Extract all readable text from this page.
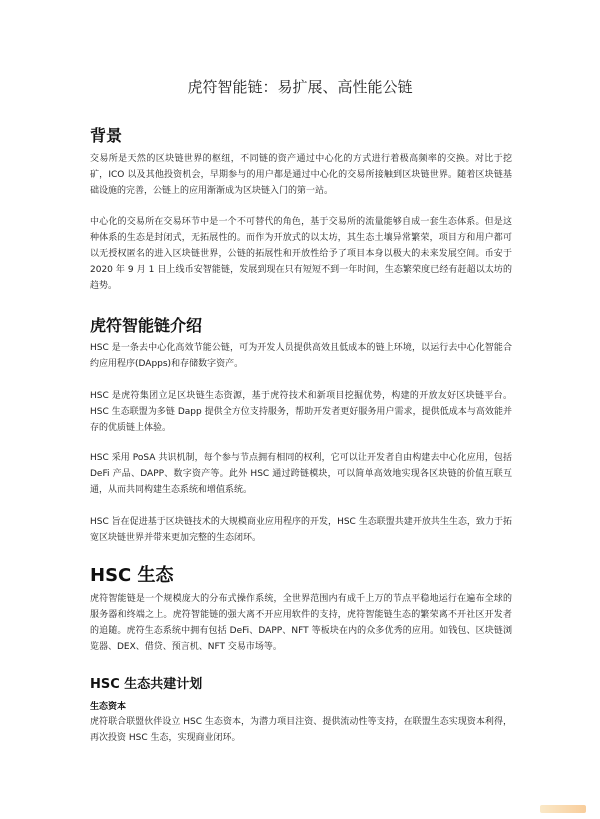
虎符智能链：易扩展、高性能公链
背景
交易所是天然的区块链世界的枢纽，不同链的资产通过中心化的方式进行着极高频率的交换。对比于挖矿，ICO 以及其他投资机会，早期参与的用户都是通过中心化的交易所接触到区块链世界。随着区块链基础设施的完善，公链上的应用渐渐成为区块链入门的第一站。
中心化的交易所在交易环节中是一个不可替代的角色，基于交易所的流量能够自成一套生态体系。但是这种体系的生态是封闭式，无拓展性的。而作为开放式的以太坊，其生态土壤异常繁荣，项目方和用户都可以无授权匿名的进入区块链世界，公链的拓展性和开放性给予了项目本身以极大的未来发展空间。币安于 2020 年 9 月 1 日上线币安智能链，发展到现在只有短短不到一年时间，生态繁荣度已经有赶超以太坊的趋势。
虎符智能链介绍
HSC 是一条去中心化高效节能公链，可为开发人员提供高效且低成本的链上环境，以运行去中心化智能合约应用程序(DApps)和存储数字资产。
HSC 是虎符集团立足区块链生态资源，基于虎符技术和新项目挖掘优势，构建的开放友好区块链平台。HSC 生态联盟为多链 Dapp 提供全方位支持服务，帮助开发者更好服务用户需求，提供低成本与高效能并存的优质链上体验。
HSC 采用 PoSA 共识机制，每个参与节点拥有相同的权利，它可以让开发者自由构建去中心化应用，包括 DeFi 产品、DAPP、数字资产等。此外 HSC 通过跨链模块，可以简单高效地实现各区块链的价值互联互通，从而共同构建生态系统和增值系统。
HSC 旨在促进基于区块链技术的大规模商业应用程序的开发，HSC 生态联盟共建开放共生生态，致力于拓宽区块链世界并带来更加完整的生态闭环。
HSC 生态
虎符智能链是一个规模庞大的分布式操作系统，全世界范围内有成千上万的节点平稳地运行在遍布全球的服务器和终端之上。虎符智能链的强大离不开应用软件的支持，虎符智能链生态的繁荣离不开社区开发者的追随。虎符生态系统中拥有包括 DeFi、DAPP、NFT 等板块在内的众多优秀的应用。如钱包、区块链浏览器、DEX、借贷、预言机、NFT 交易市场等。
HSC 生态共建计划
生态资本
虎符联合联盟伙伴设立 HSC 生态资本，为潜力项目注资、提供流动性等支持，在联盟生态实现资本利得，再次投资 HSC 生态，实现商业闭环。
